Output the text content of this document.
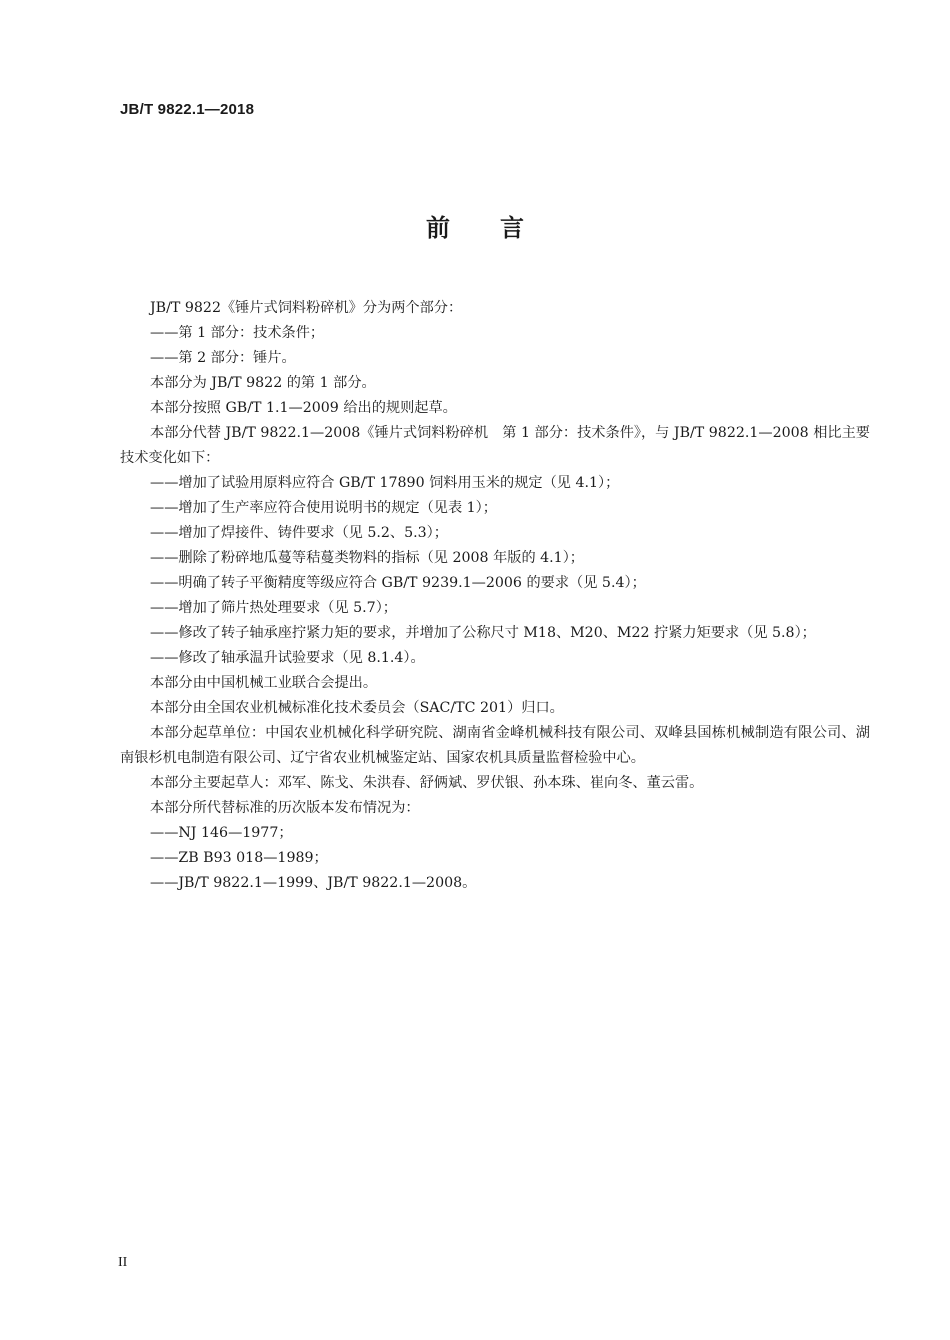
JB/T 9822.1—2018
前言

JB/T 9822《锤片式饲料粉碎机》分为两个部分：

——第 1 部分：技术条件；

——第 2 部分：锤片。

本部分为 JB/T 9822 的第 1 部分。

本部分按照 GB/T 1.1—2009 给出的规则起草。

本部分代替 JB/T 9822.1—2008《锤片式饲料粉碎机　第 1 部分：技术条件》，与 JB/T 9822.1—2008 相比主要技术变化如下：

——增加了试验用原料应符合 GB/T 17890 饲料用玉米的规定（见 4.1）；

——增加了生产率应符合使用说明书的规定（见表 1）；

——增加了焊接件、铸件要求（见 5.2、5.3）；

——删除了粉碎地瓜蔓等秸蔓类物料的指标（见 2008 年版的 4.1）；

——明确了转子平衡精度等级应符合 GB/T 9239.1—2006 的要求（见 5.4）；

——增加了筛片热处理要求（见 5.7）；

——修改了转子轴承座拧紧力矩的要求，并增加了公称尺寸 M18、M20、M22 拧紧力矩要求（见 5.8）；

——修改了轴承温升试验要求（见 8.1.4）。

本部分由中国机械工业联合会提出。

本部分由全国农业机械标准化技术委员会（SAC/TC 201）归口。

本部分起草单位：中国农业机械化科学研究院、湖南省金峰机械科技有限公司、双峰县国栋机械制造有限公司、湖南银杉机电制造有限公司、辽宁省农业机械鉴定站、国家农机具质量监督检验中心。

本部分主要起草人：邓军、陈戈、朱洪春、舒俩斌、罗伏银、孙本珠、崔向冬、董云雷。

本部分所代替标准的历次版本发布情况为：

——NJ 146—1977；

——ZB B93 018—1989；

——JB/T 9822.1—1999、JB/T 9822.1—2008。

II
